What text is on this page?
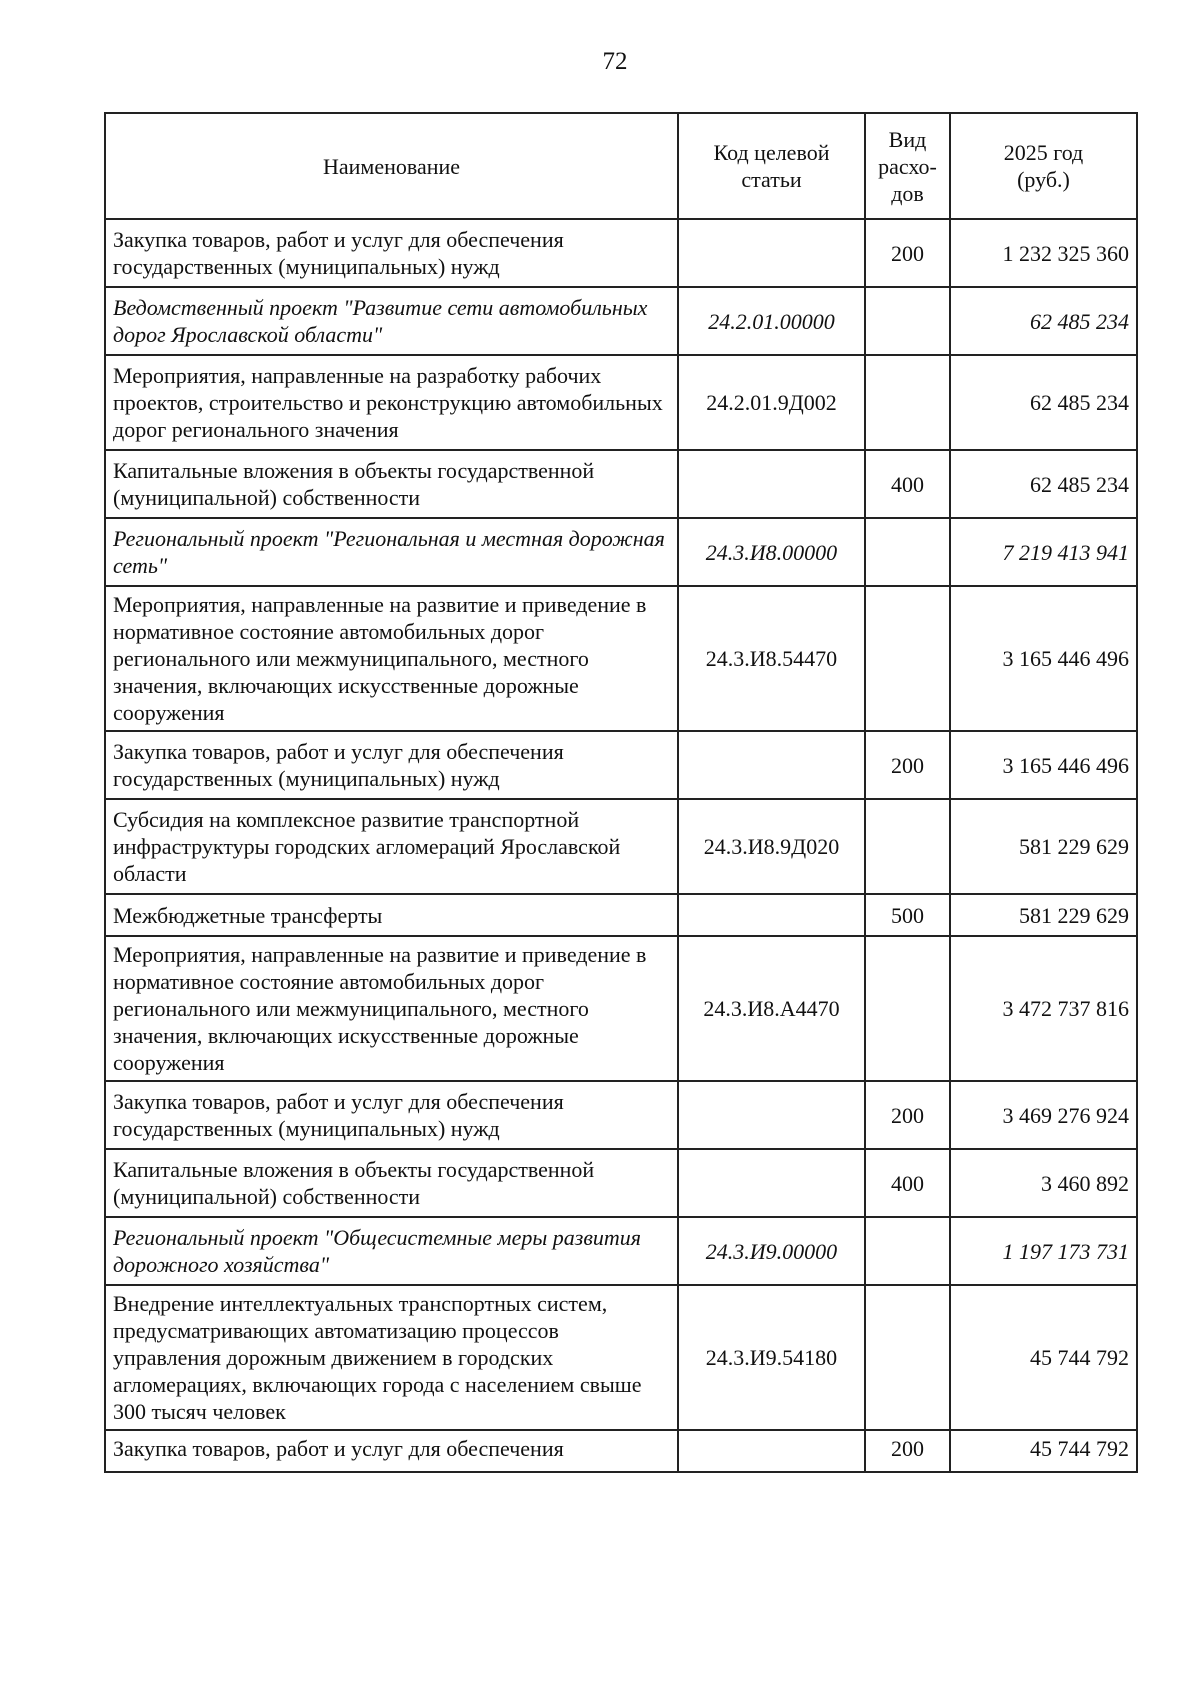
72
Наименование	Код целевой статьи	Вид расхо-дов	2025 год (руб.)
Закупка товаров, работ и услуг для обеспечения государственных (муниципальных) нужд		200	1 232 325 360
Ведомственный проект "Развитие сети автомобильных дорог Ярославской области"	24.2.01.00000		62 485 234
Мероприятия, направленные на разработку рабочих проектов, строительство и реконструкцию автомобильных дорог регионального значения	24.2.01.9Д002		62 485 234
Капитальные вложения в объекты государственной (муниципальной) собственности		400	62 485 234
Региональный проект "Региональная и местная дорожная сеть"	24.3.И8.00000		7 219 413 941
Мероприятия, направленные на развитие и приведение в нормативное состояние автомобильных дорог регионального или межмуниципального, местного значения, включающих искусственные дорожные сооружения	24.3.И8.54470		3 165 446 496
Закупка товаров, работ и услуг для обеспечения государственных (муниципальных) нужд		200	3 165 446 496
Субсидия на комплексное развитие транспортной инфраструктуры городских агломераций Ярославской области	24.3.И8.9Д020		581 229 629
Межбюджетные трансферты		500	581 229 629
Мероприятия, направленные на развитие и приведение в нормативное состояние автомобильных дорог регионального или межмуниципального, местного значения, включающих искусственные дорожные сооружения	24.3.И8.А4470		3 472 737 816
Закупка товаров, работ и услуг для обеспечения государственных (муниципальных) нужд		200	3 469 276 924
Капитальные вложения в объекты государственной (муниципальной) собственности		400	3 460 892
Региональный проект "Общесистемные меры развития дорожного хозяйства"	24.3.И9.00000		1 197 173 731
Внедрение интеллектуальных транспортных систем, предусматривающих автоматизацию процессов управления дорожным движением в городских агломерациях, включающих города с населением свыше 300 тысяч человек	24.3.И9.54180		45 744 792
Закупка товаров, работ и услуг для обеспечения		200	45 744 792
